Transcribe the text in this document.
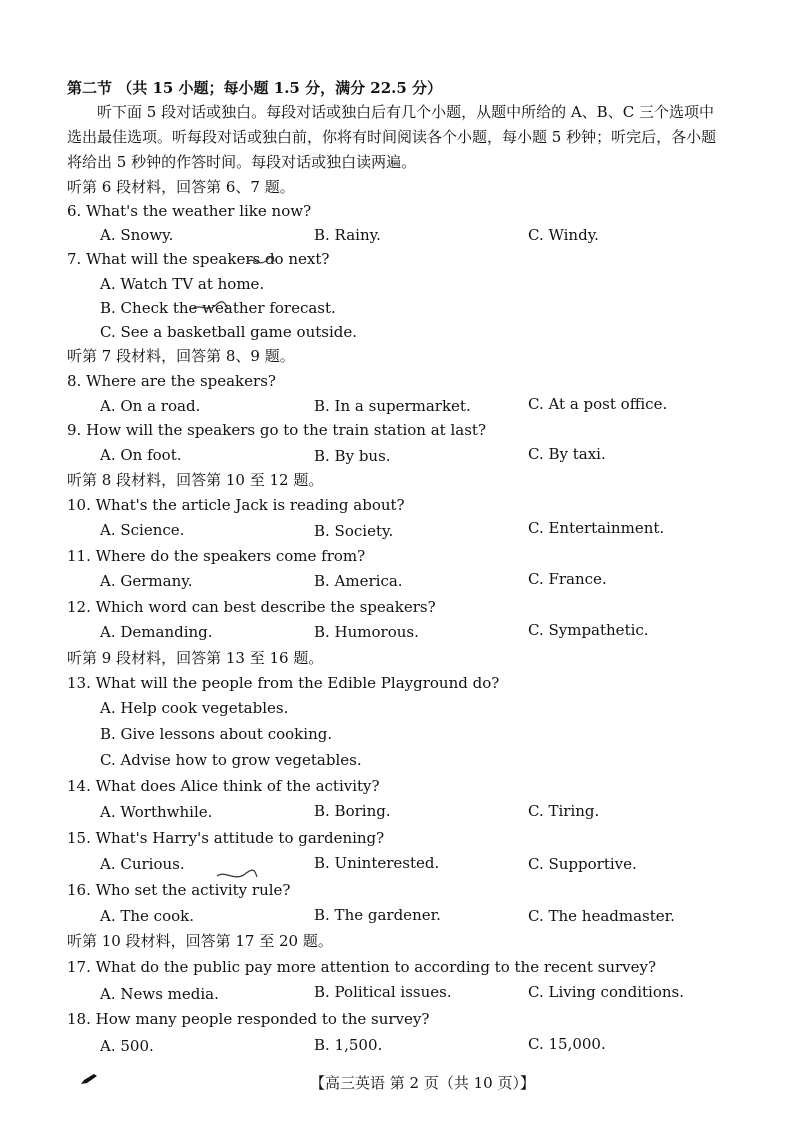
第二节 （共 15 小题；每小题 1.5 分，满分 22.5 分）
听下面 5 段对话或独白。每段对话或独白后有几个小题，从题中所给的 A、B、C 三个选项中选出最佳选项。听每段对话或独白前，你将有时间阅读各个小题，每小题 5 秒钟；听完后，各小题将给出 5 秒钟的作答时间。每段对话或独白读两遍。
听第 6 段材料，回答第 6、7 题。
6. What's the weather like now?
A. Snowy.	B. Rainy.	C. Windy.
7. What will the speakers do next?
A. Watch TV at home.
B. Check the weather forecast.
C. See a basketball game outside.
听第 7 段材料，回答第 8、9 题。
8. Where are the speakers?
A. On a road.	B. In a supermarket.	C. At a post office.
9. How will the speakers go to the train station at last?
A. On foot.	B. By bus.	C. By taxi.
听第 8 段材料，回答第 10 至 12 题。
10. What's the article Jack is reading about?
A. Science.	B. Society.	C. Entertainment.
11. Where do the speakers come from?
A. Germany.	B. America.	C. France.
12. Which word can best describe the speakers?
A. Demanding.	B. Humorous.	C. Sympathetic.
听第 9 段材料，回答第 13 至 16 题。
13. What will the people from the Edible Playground do?
A. Help cook vegetables.
B. Give lessons about cooking.
C. Advise how to grow vegetables.
14. What does Alice think of the activity?
A. Worthwhile.	B. Boring.	C. Tiring.
15. What's Harry's attitude to gardening?
A. Curious.	B. Uninterested.	C. Supportive.
16. Who set the activity rule?
A. The cook.	B. The gardener.	C. The headmaster.
听第 10 段材料，回答第 17 至 20 题。
17. What do the public pay more attention to according to the recent survey?
A. News media.	B. Political issues.	C. Living conditions.
18. How many people responded to the survey?
A. 500.	B. 1,500.	C. 15,000.
【高三英语 第 2 页（共 10 页）】
